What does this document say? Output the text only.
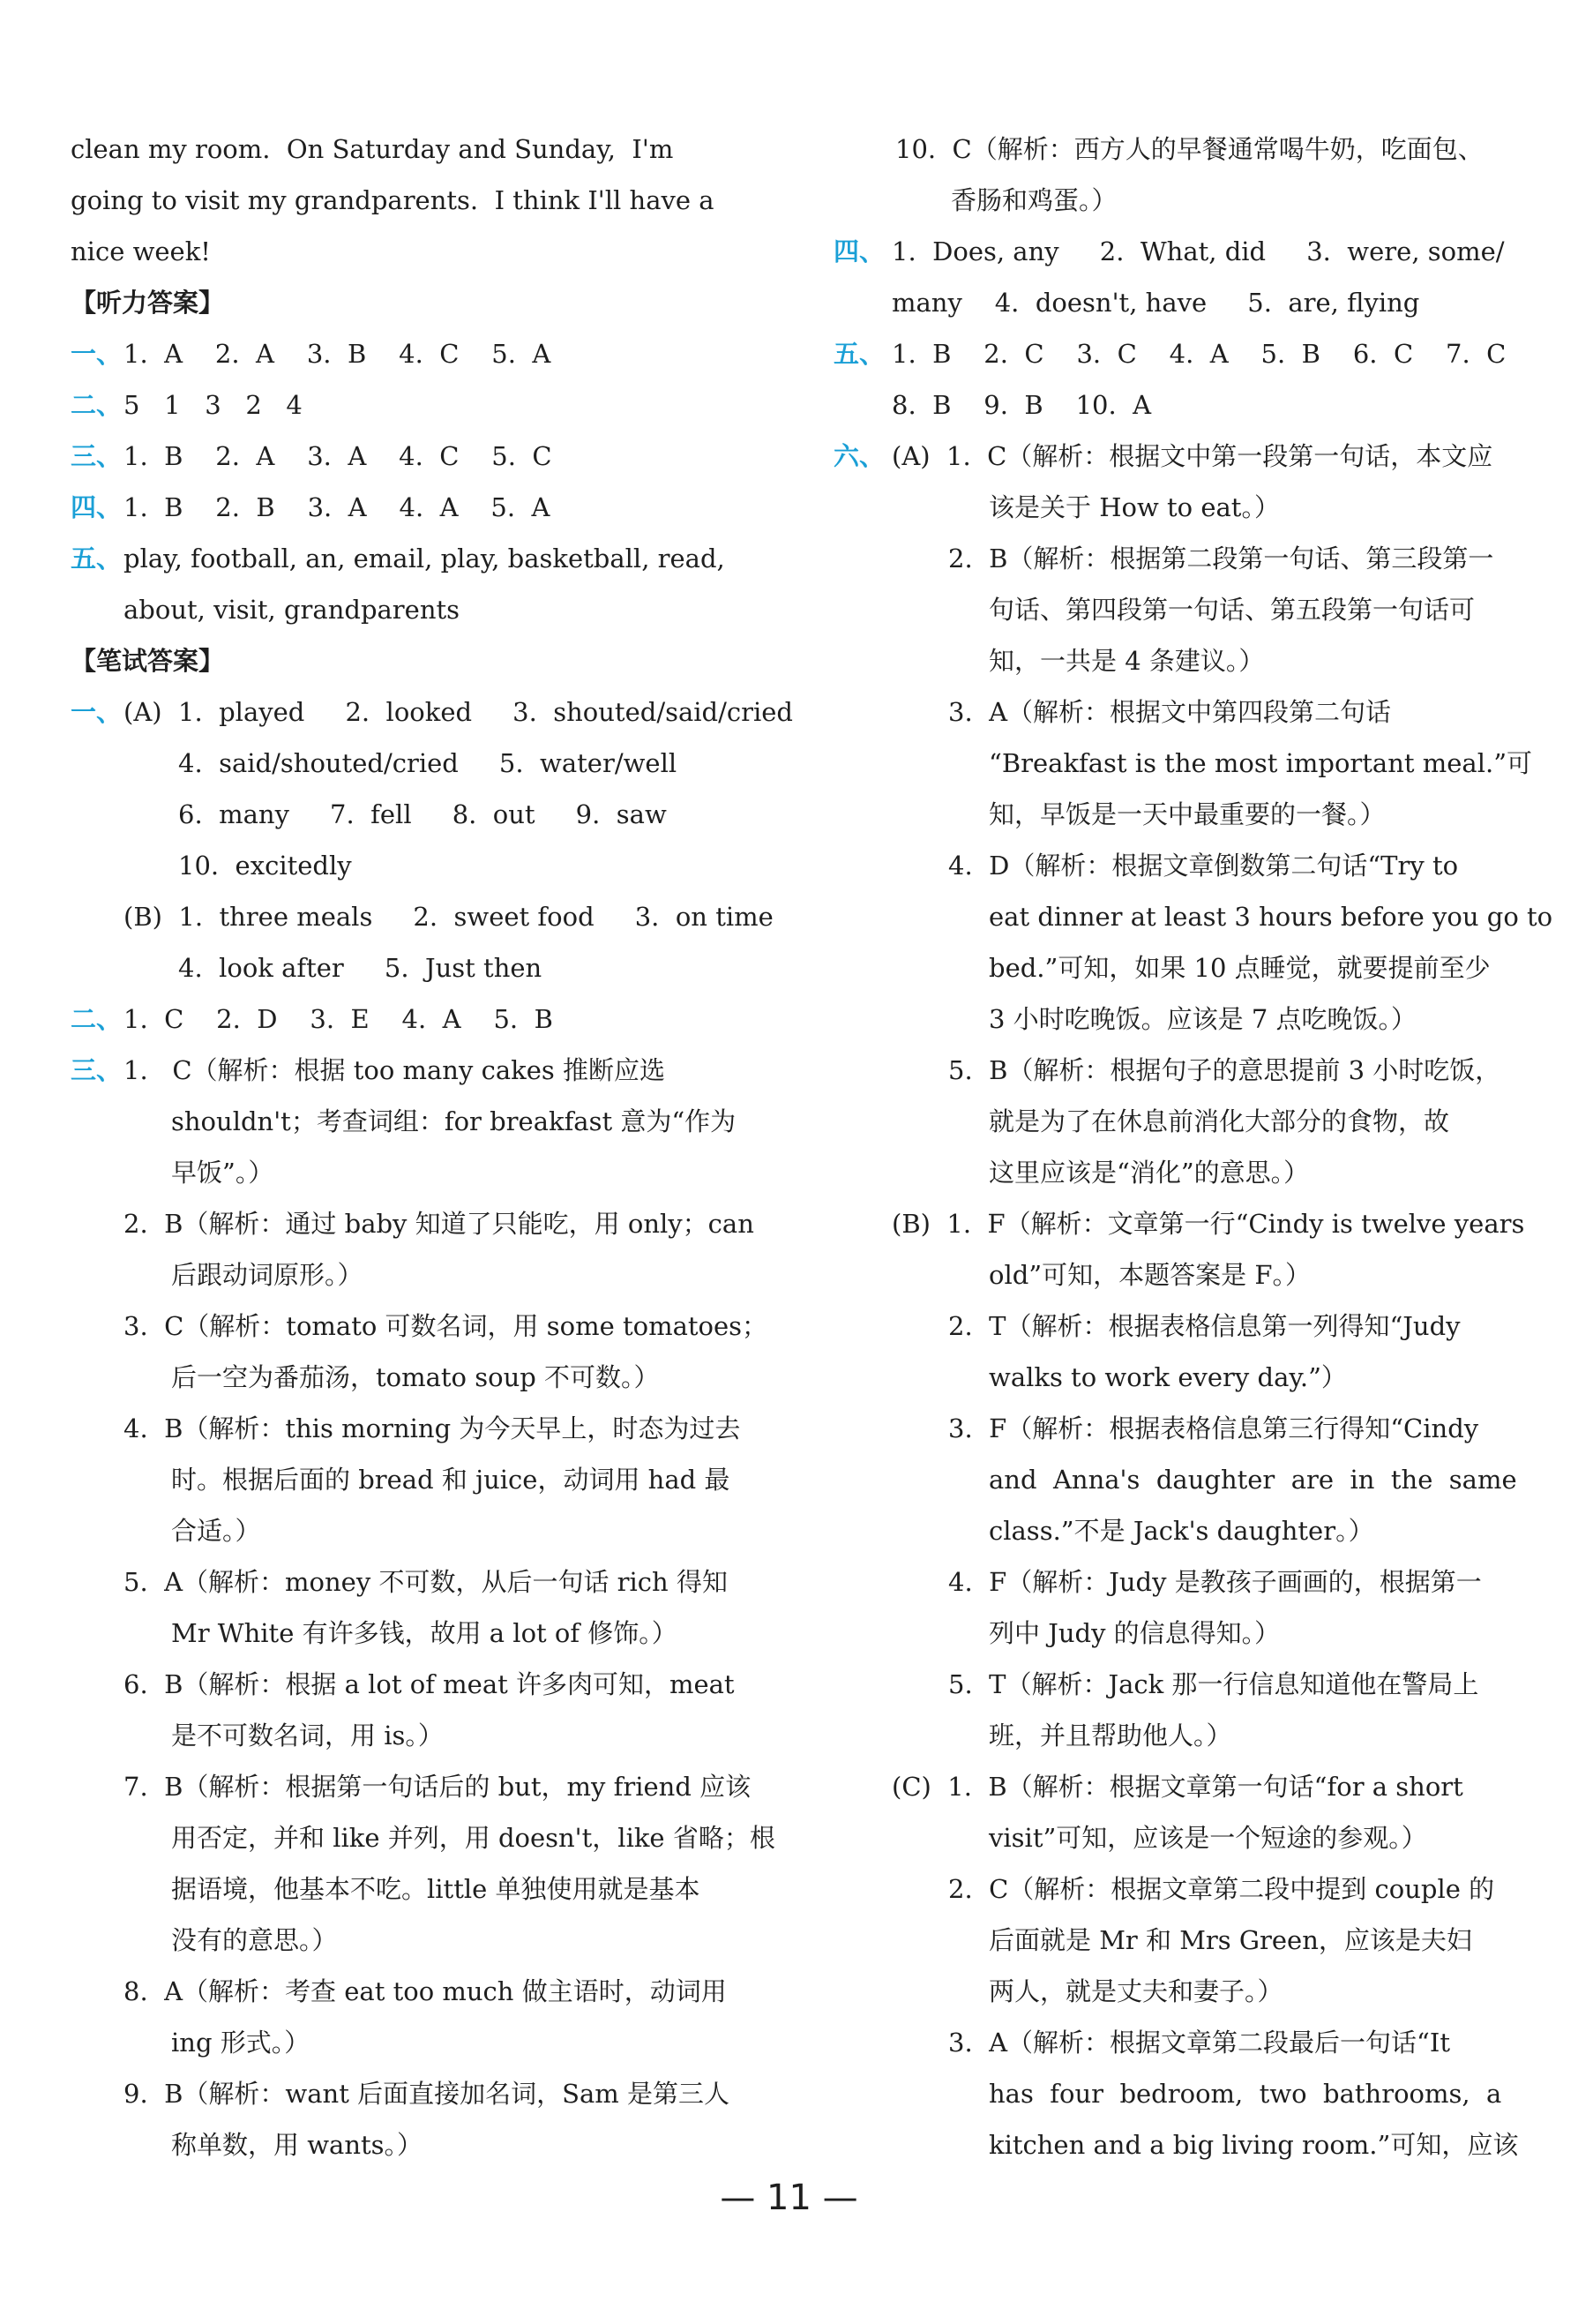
clean my room.  On Saturday and Sunday,  I'm
going to visit my grandparents.  I think I'll have a
nice week!
【听力答案】
一、 1.  A    2.  A    3.  B    4.  C    5.  A
二、 5   1   3   2   4
三、 1.  B    2.  A    3.  A    4.  C    5.  C
四、 1.  B    2.  B    3.  A    4.  A    5.  A
五、 play, football, an, email, play, basketball, read,
about, visit, grandparents
【笔试答案】
一、 (A)  1.  played     2.  looked     3.  shouted/said/cried
4.  said/shouted/cried     5.  water/well
6.  many     7.  fell     8.  out     9.  saw
10.  excitedly
(B)  1.  three meals     2.  sweet food     3.  on time
4.  look after     5.  Just then
二、 1.  C    2.  D    3.  E    4.  A    5.  B
三、 1.   C（解析：根据 too many cakes 推断应选
shouldn't；考查词组：for breakfast 意为“作为
早饭”。）
2.  B（解析：通过 baby 知道了只能吃，用 only；can
后跟动词原形。）
3.  C（解析：tomato 可数名词，用 some tomatoes；
后一空为番茄汤，tomato soup 不可数。）
4.  B（解析：this morning 为今天早上，时态为过去
时。根据后面的 bread 和 juice，动词用 had 最
合适。）
5.  A（解析：money 不可数，从后一句话 rich 得知
Mr White 有许多钱，故用 a lot of 修饰。）
6.  B（解析：根据 a lot of meat 许多肉可知，meat
是不可数名词，用 is。）
7.  B（解析：根据第一句话后的 but，my friend 应该
用否定，并和 like 并列，用 doesn't，like 省略；根
据语境，他基本不吃。little 单独使用就是基本
没有的意思。）
8.  A（解析：考查 eat too much 做主语时，动词用
ing 形式。）
9.  B（解析：want 后面直接加名词，Sam 是第三人
称单数，用 wants。）
10.  C（解析：西方人的早餐通常喝牛奶，吃面包、
香肠和鸡蛋。）
四、 1.  Does, any     2.  What, did     3.  were, some/
many    4.  doesn't, have     5.  are, flying
五、 1.  B    2.  C    3.  C    4.  A    5.  B    6.  C    7.  C
8.  B    9.  B    10.  A
六、 (A)  1.  C（解析：根据文中第一段第一句话，本文应
该是关于 How to eat。）
2.  B（解析：根据第二段第一句话、第三段第一
句话、第四段第一句话、第五段第一句话可
知，一共是 4 条建议。）
3.  A（解析：根据文中第四段第二句话
“Breakfast is the most important meal.”可
知，早饭是一天中最重要的一餐。）
4.  D（解析：根据文章倒数第二句话“Try to
eat dinner at least 3 hours before you go to
bed.”可知，如果 10 点睡觉，就要提前至少
3 小时吃晚饭。应该是 7 点吃晚饭。）
5.  B（解析：根据句子的意思提前 3 小时吃饭，
就是为了在休息前消化大部分的食物，故
这里应该是“消化”的意思。）
(B)  1.  F（解析：文章第一行“Cindy is twelve years
old”可知，本题答案是 F。）
2.  T（解析：根据表格信息第一列得知“Judy
walks to work every day.”）
3.  F（解析：根据表格信息第三行得知“Cindy
and  Anna's  daughter  are  in  the  same
class.”不是 Jack's daughter。）
4.  F（解析：Judy 是教孩子画画的，根据第一
列中 Judy 的信息得知。）
5.  T（解析：Jack 那一行信息知道他在警局上
班，并且帮助他人。）
(C)  1.  B（解析：根据文章第一句话“for a short
visit”可知，应该是一个短途的参观。）
2.  C（解析：根据文章第二段中提到 couple 的
后面就是 Mr 和 Mrs Green，应该是夫妇
两人，就是丈夫和妻子。）
3.  A（解析：根据文章第二段最后一句话“It
has  four  bedroom,  two  bathrooms,  a
kitchen and a big living room.”可知，应该
— 11 —
